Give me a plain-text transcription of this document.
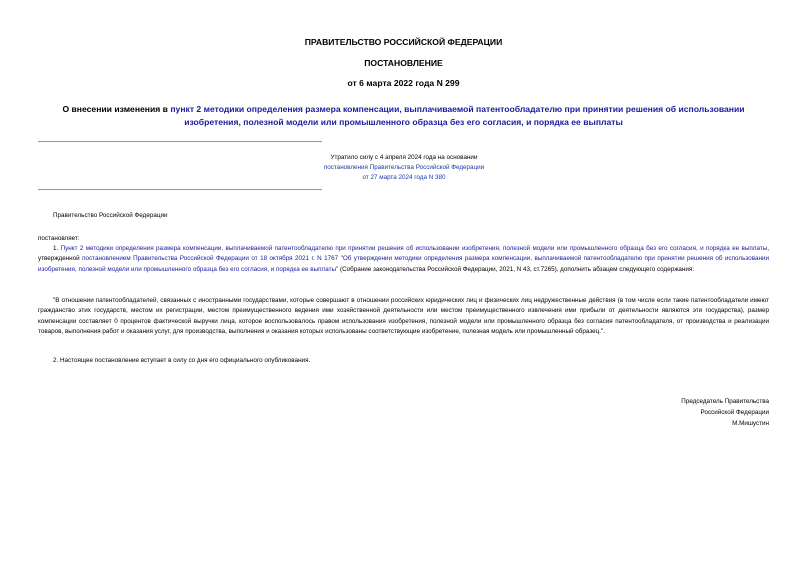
ПРАВИТЕЛЬСТВО РОССИЙСКОЙ ФЕДЕРАЦИИ
ПОСТАНОВЛЕНИЕ
от 6 марта 2022 года N 299
О внесении изменения в пункт 2 методики определения размера компенсации, выплачиваемой патентообладателю при принятии решения об использовании изобретения, полезной модели или промышленного образца без его согласия, и порядка ее выплаты
Утратило силу с 4 апреля 2024 года на основании
постановления Правительства Российской Федерации
от 27 марта 2024 года N 380
Правительство Российской Федерации
постановляет:
1. Пункт 2 методики определения размера компенсации, выплачиваемой патентообладателю при принятии решения об использовании изобретения, полезной модели или промышленного образца без его согласия, и порядка ее выплаты, утвержденной постановлением Правительства Российской Федерации от 18 октября 2021 г. N 1767 "Об утверждении методики определения размера компенсации, выплачиваемой патентообладателю при принятии решения об использовании изобретения, полезной модели или промышленного образца без его согласия, и порядка ее выплаты" (Собрание законодательства Российской Федерации, 2021, N 43, ст.7265), дополнить абзацем следующего содержания:
"В отношении патентообладателей, связанных с иностранными государствами, которые совершают в отношении российских юридических лиц и физических лиц недружественные действия (в том числе если такие патентообладатели имеют гражданство этих государств, местом их регистрации, местом преимущественного ведения ими хозяйственной деятельности или местом преимущественного извлечения ими прибыли от деятельности являются эти государства), размер компенсации составляет 0 процентов фактической выручки лица, которое воспользовалось правом использования изобретения, полезной модели или промышленного образца без согласия патентообладателя, от производства и реализации товаров, выполнения работ и оказания услуг, для производства, выполнения и оказания которых использованы соответствующие изобретение, полезная модель или промышленный образец.".
2. Настоящее постановление вступает в силу со дня его официального опубликования.
Председатель Правительства
Российской Федерации
М.Мишустин
